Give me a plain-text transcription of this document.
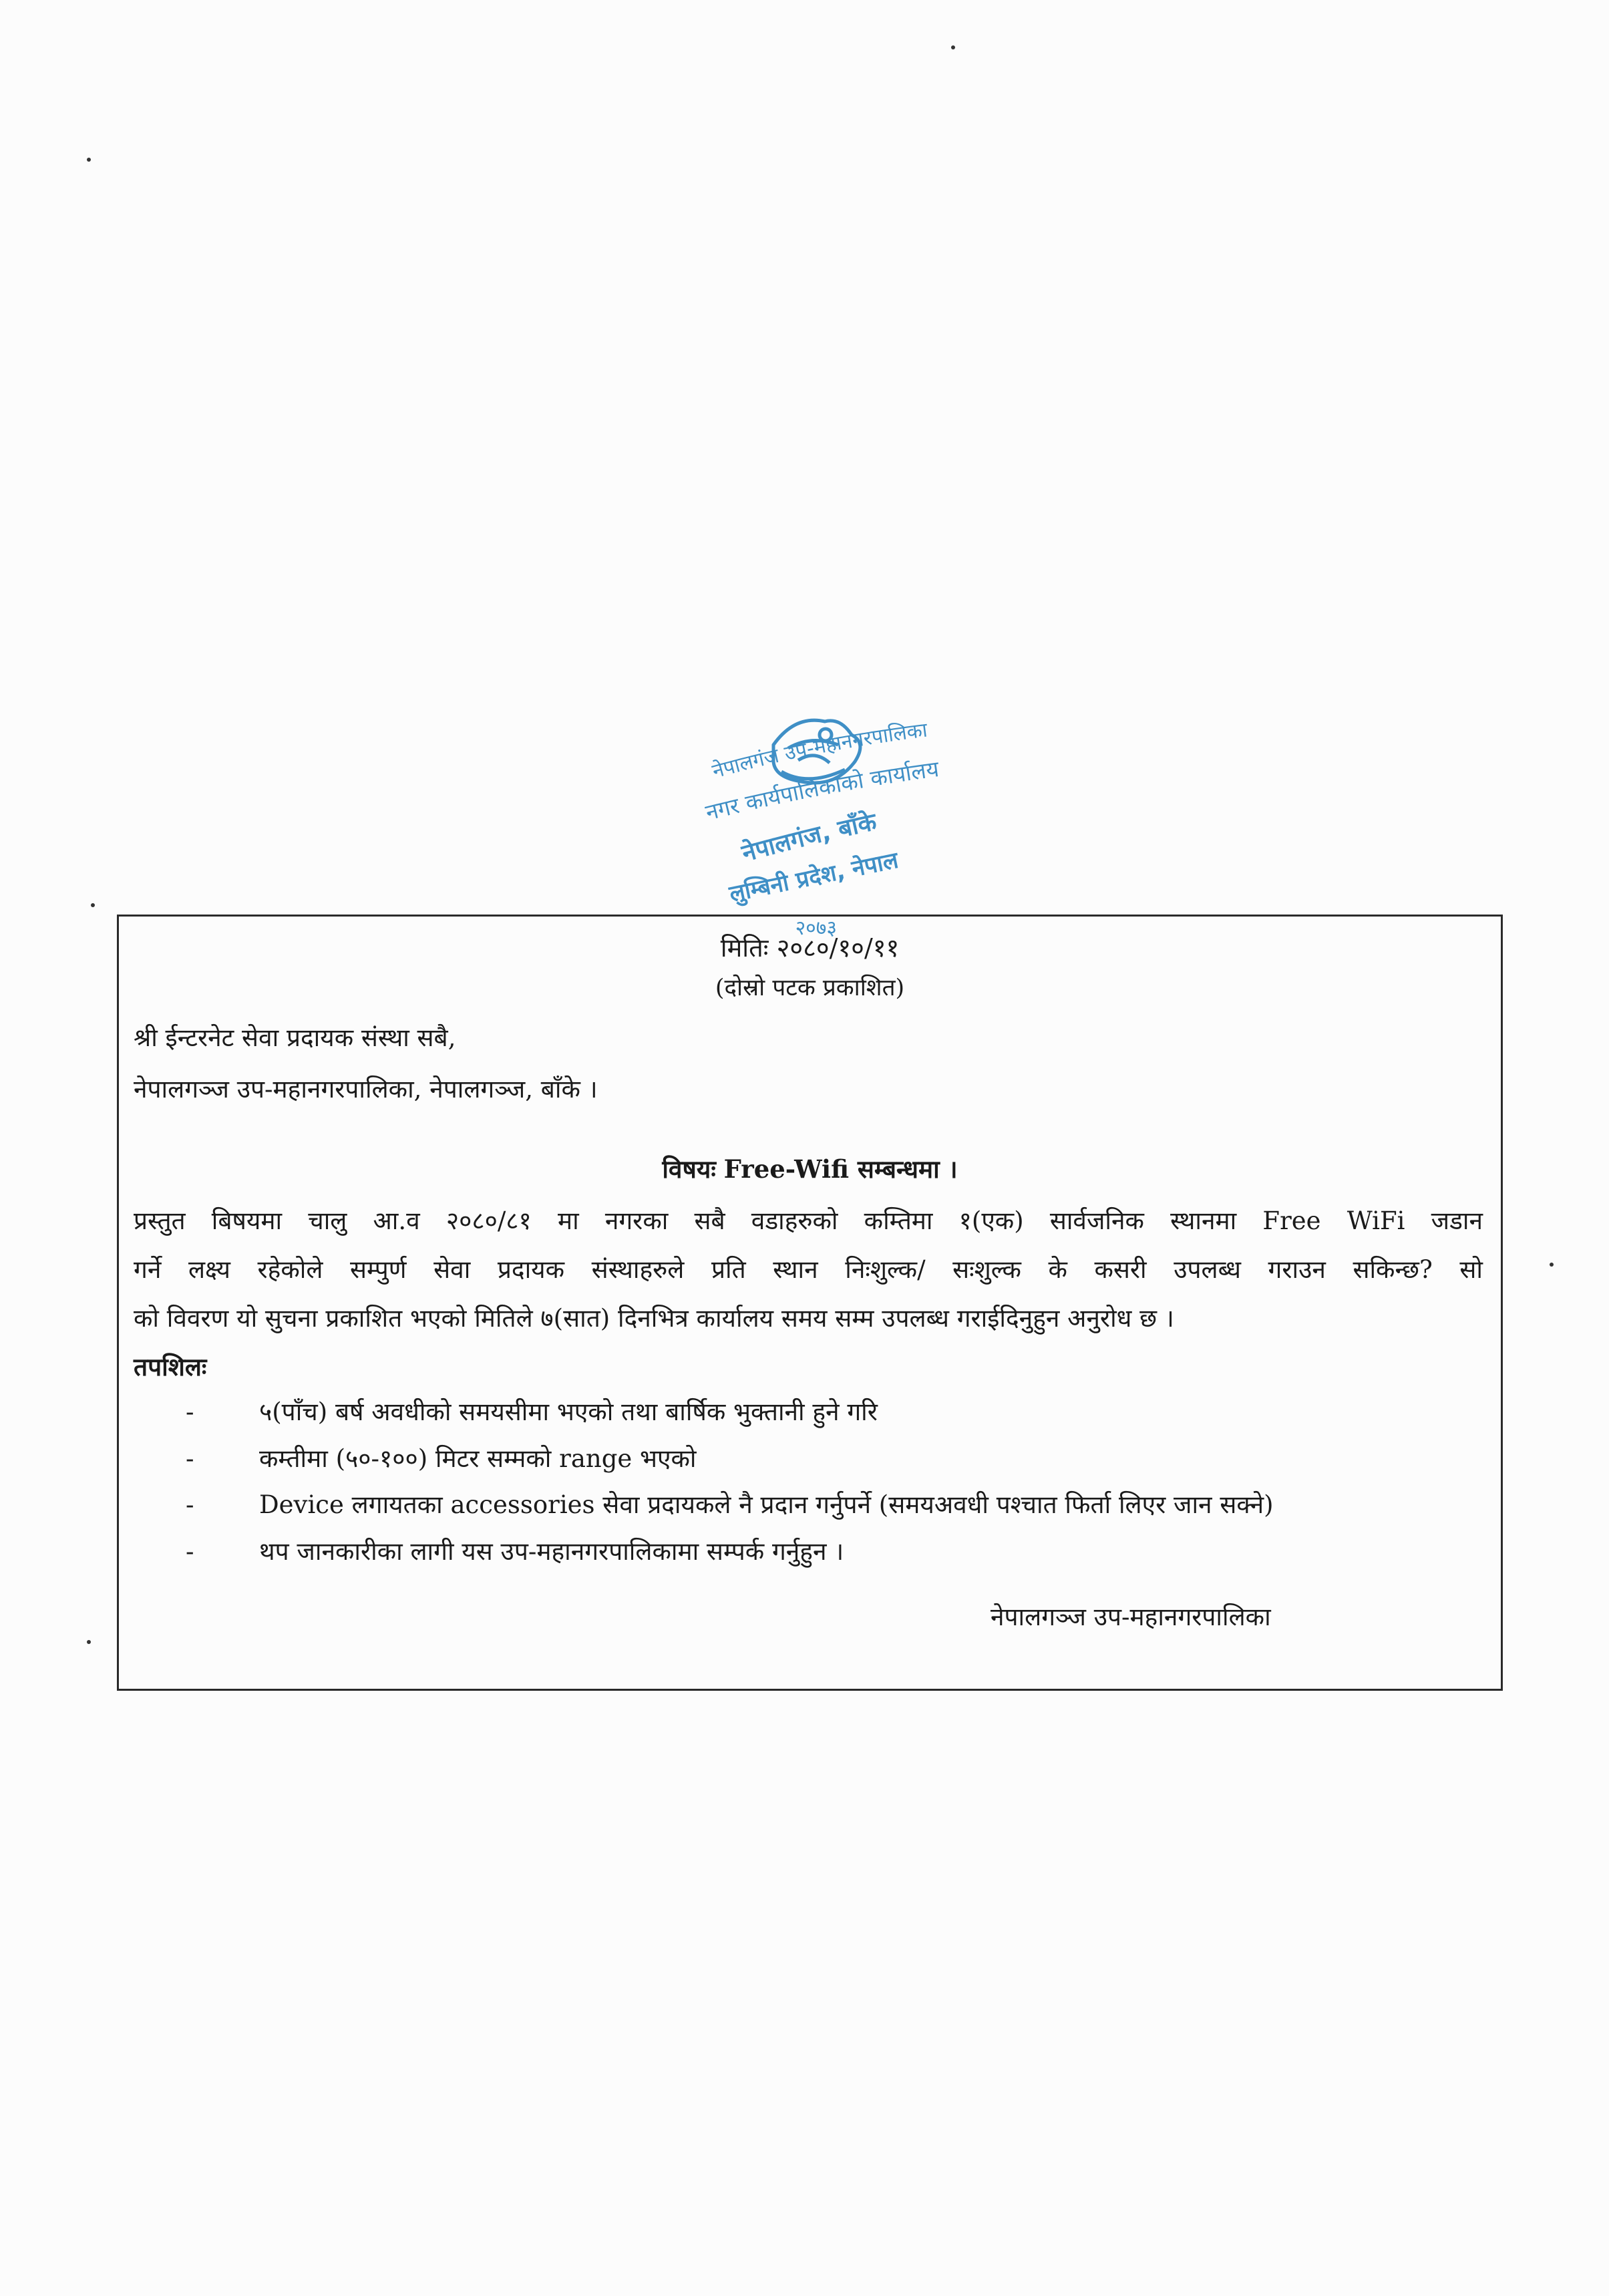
नेपालगंज उप-महानगरपालिका
नगर कार्यपालिकाको कार्यालय
नेपालगंज, बाँके
लुम्बिनी प्रदेश, नेपाल
मितिः
२०७३
२०८०/१०/११
(दोस्रो पटक प्रकाशित)
श्री ईन्टरनेट सेवा प्रदायक संस्था सबै,
नेपालगञ्ज उप-महानगरपालिका, नेपालगञ्ज, बाँके ।
विषयः Free-Wifi सम्बन्धमा ।
प्रस्तुत बिषयमा चालु आ.व २०८०/८१ मा नगरका सबै वडाहरुको कम्तिमा १(एक) सार्वजनिक स्थानमा Free WiFi जडान
गर्ने लक्ष्य रहेकोले सम्पुर्ण सेवा प्रदायक संस्थाहरुले प्रति स्थान निःशुल्क/ सःशुल्क के कसरी उपलब्ध गराउन सकिन्छ? सो
को विवरण यो सुचना प्रकाशित भएको मितिले ७(सात) दिनभित्र कार्यालय समय सम्म उपलब्ध गराईदिनुहुन अनुरोध छ ।
तपशिलः
-	५(पाँच) बर्ष अवधीको समयसीमा भएको तथा बार्षिक भुक्तानी हुने गरि
-	कम्तीमा (५०-१००) मिटर सम्मको range भएको
-	Device लगायतका accessories सेवा प्रदायकले नै प्रदान गर्नुपर्ने (समयअवधी पश्चात फिर्ता लिएर जान सक्ने)
-	थप जानकारीका लागी यस उप-महानगरपालिकामा सम्पर्क गर्नुहुन ।
नेपालगञ्ज उप-महानगरपालिका
